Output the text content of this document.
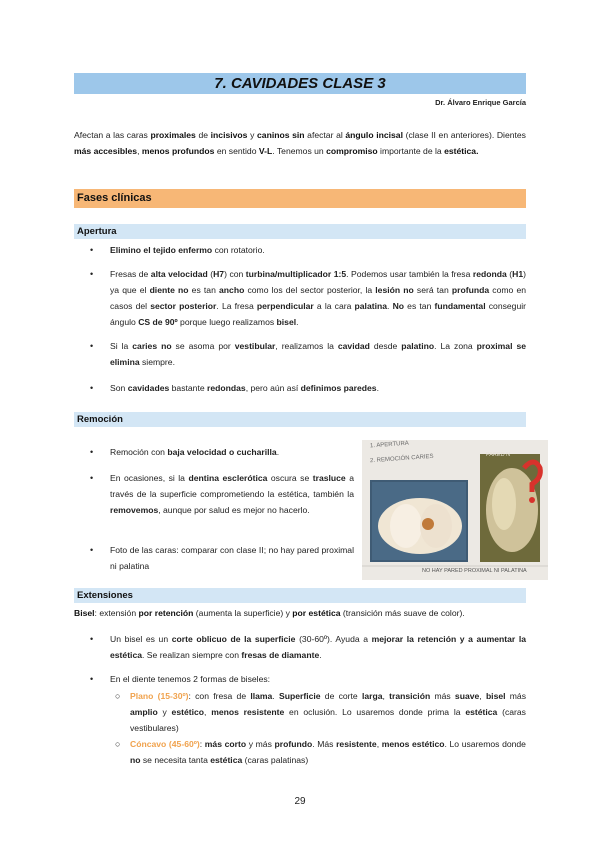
7. CAVIDADES CLASE 3
Dr. Álvaro Enrique García
Afectan a las caras proximales de incisivos y caninos sin afectar al ángulo incisal (clase II en anteriores). Dientes más accesibles, menos profundos en sentido V-L. Tenemos un compromiso importante de la estética.
Fases clínicas
Apertura
• Elimino el tejido enfermo con rotatorio.
• Fresas de alta velocidad (H7) con turbina/multiplicador 1:5. Podemos usar también la fresa redonda (H1) ya que el diente no es tan ancho como los del sector posterior, la lesión no será tan profunda como en casos del sector posterior. La fresa perpendicular a la cara palatina. No es tan fundamental conseguir ángulo CS de 90º porque luego realizamos bisel.
• Si la caries no se asoma por vestibular, realizamos la cavidad desde palatino. La zona proximal se elimina siempre.
• Son cavidades bastante redondas, pero aún así definimos paredes.
Remoción
• Remoción con baja velocidad o cucharilla.
• En ocasiones, si la dentina esclerótica oscura se trasluce a través de la superficie comprometiendo la estética, también la removemos, aunque por salud es mejor no hacerlo.
• Foto de las caras: comparar con clase II; no hay pared proximal ni palatina
1. APERTURA
2. REMOCIÓN CARIES	PARED N
NO HAY PARED PROXIMAL NI PALATINA
Extensiones
Bisel: extensión por retención (aumenta la superficie) y por estética (transición más suave de color).
• Un bisel es un corte oblicuo de la superficie (30-60º). Ayuda a mejorar la retención y a aumentar la estética. Se realizan siempre con fresas de diamante.
• En el diente tenemos 2 formas de biseles:
○ Plano (15-30º): con fresa de llama. Superficie de corte larga, transición más suave, bisel más amplio y estético, menos resistente en oclusión. Lo usaremos donde prima la estética (caras vestibulares)
○ Cóncavo (45-60º): más corto y más profundo. Más resistente, menos estético. Lo usaremos donde no se necesita tanta estética (caras palatinas)
29
